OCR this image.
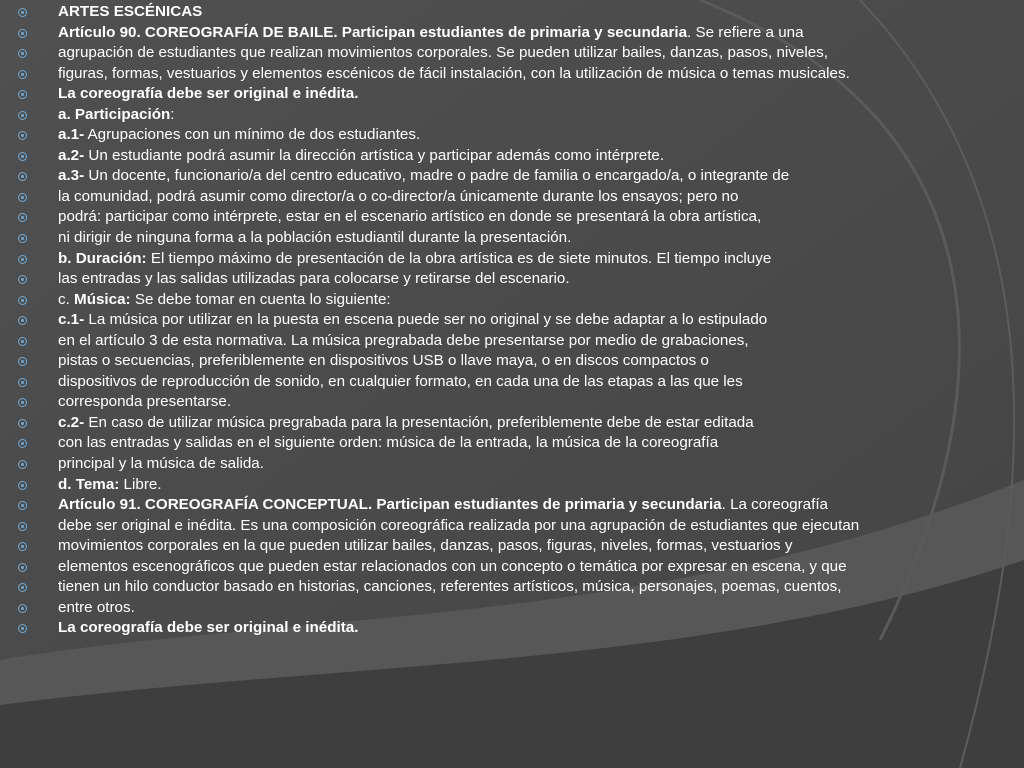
ARTES ESCÉNICAS
Artículo 90. COREOGRAFÍA DE BAILE. Participan estudiantes de primaria y secundaria. Se refiere a una
agrupación de estudiantes que realizan movimientos corporales. Se pueden utilizar bailes, danzas, pasos, niveles,
figuras, formas, vestuarios y elementos escénicos de fácil instalación, con la utilización de música o temas musicales.
La coreografía debe ser original e inédita.
a. Participación:
a.1- Agrupaciones con un mínimo de dos estudiantes.
a.2- Un estudiante podrá asumir la dirección artística y participar además como intérprete.
a.3- Un docente, funcionario/a del centro educativo, madre o padre de familia o encargado/a, o integrante de
la comunidad, podrá asumir como director/a o co-director/a únicamente durante los ensayos; pero no
podrá: participar como intérprete, estar en el escenario artístico en donde se presentará la obra artística,
ni dirigir de ninguna forma a la población estudiantil durante la presentación.
b. Duración: El tiempo máximo de presentación de la obra artística es de siete minutos. El tiempo incluye
las entradas y las salidas utilizadas para colocarse y retirarse del escenario.
c. Música: Se debe tomar en cuenta lo siguiente:
c.1- La música por utilizar en la puesta en escena puede ser no original y se debe adaptar a lo estipulado
en el artículo 3 de esta normativa. La música pregrabada debe presentarse por medio de grabaciones,
pistas o secuencias, preferiblemente en dispositivos USB o llave maya, o en discos compactos o
dispositivos de reproducción de sonido, en cualquier formato, en cada una de las etapas a las que les
corresponda presentarse.
c.2- En caso de utilizar música pregrabada para la presentación, preferiblemente debe de estar editada
con las entradas y salidas en el siguiente orden: música de la entrada, la música de la coreografía
principal y la música de salida.
d. Tema: Libre.
Artículo 91. COREOGRAFÍA CONCEPTUAL. Participan estudiantes de primaria y secundaria. La coreografía
debe ser original e inédita. Es una composición coreográfica realizada por una agrupación de estudiantes que ejecutan
movimientos corporales en la que pueden utilizar bailes, danzas, pasos, figuras, niveles, formas, vestuarios y
elementos escenográficos que pueden estar relacionados con un concepto o temática por expresar en escena, y que
tienen un hilo conductor basado en historias, canciones, referentes artísticos, música, personajes, poemas, cuentos,
entre otros.
La coreografía debe ser original e inédita.
